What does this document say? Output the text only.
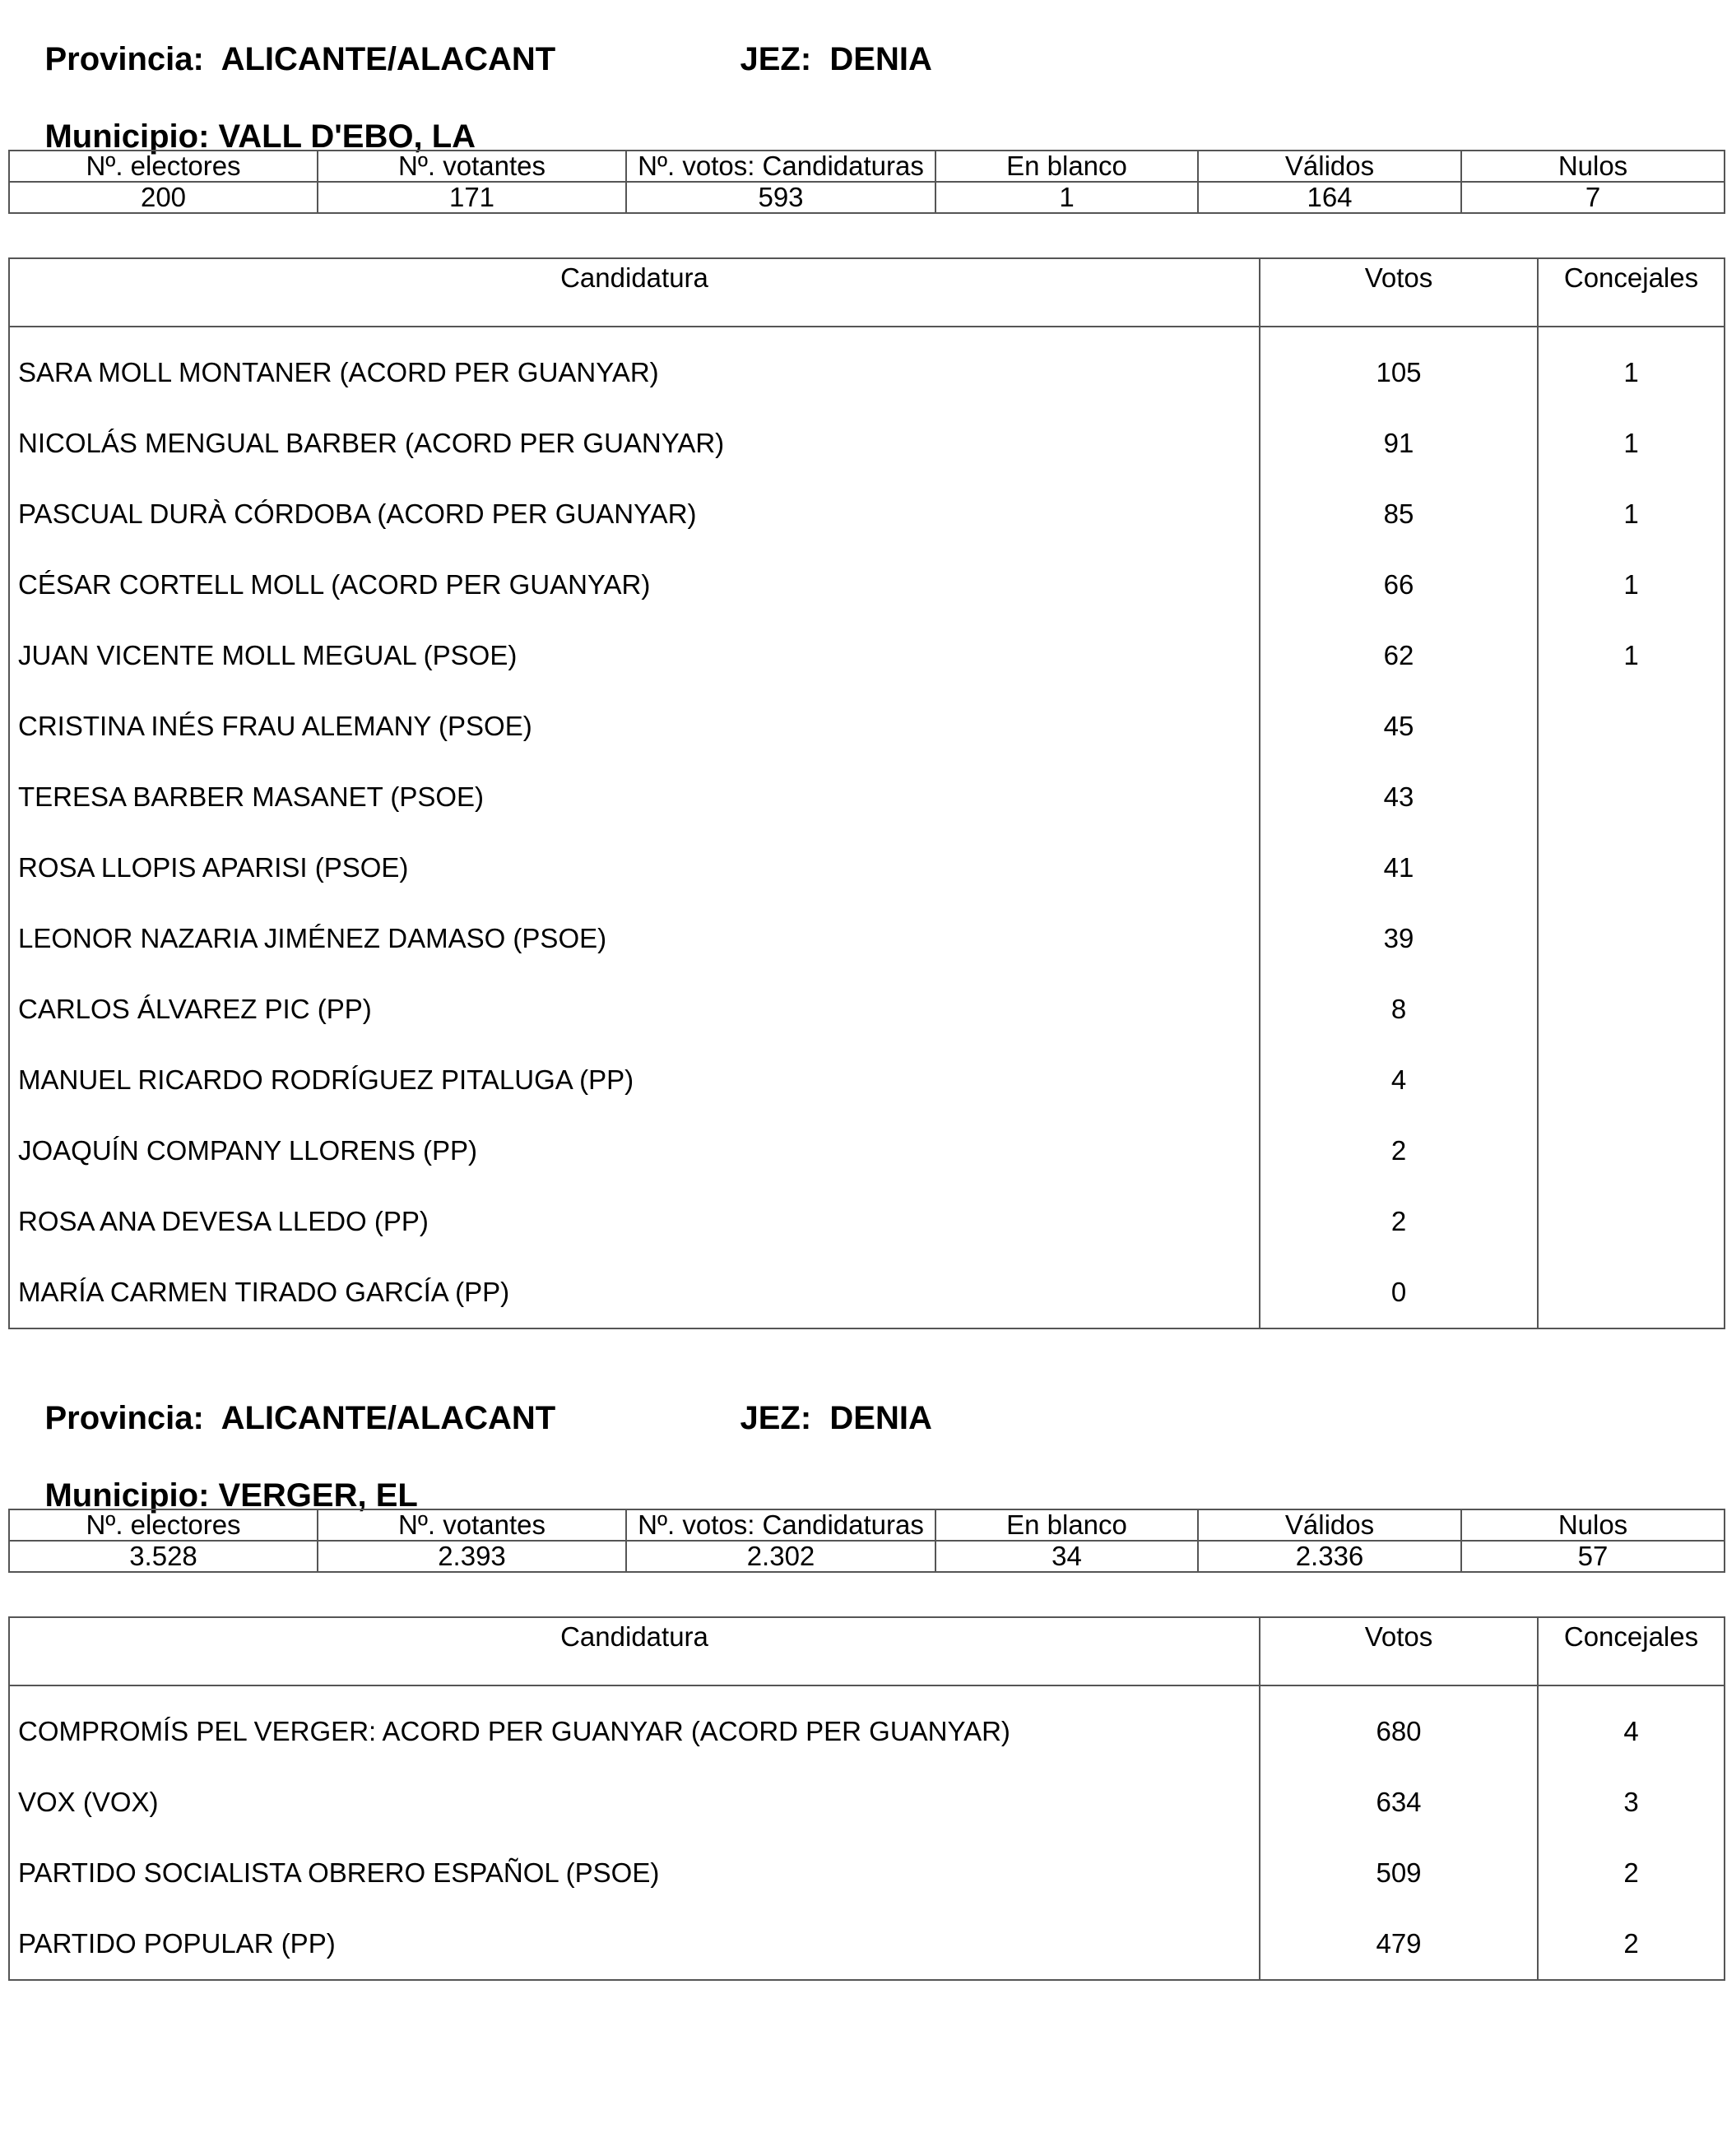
Provincia: ALICANTE/ALACANT
	JEZ: DENIA

Municipio: VALL D'EBO, LA

Nº. electores	Nº. votantes	Nº. votos: Candidaturas	En blanco	Válidos	Nulos
200	171	593	1	164	7
Candidatura	Votos	Concejales
SARA MOLL MONTANER (ACORD PER GUANYAR)	105	1
NICOLÁS MENGUAL BARBER (ACORD PER GUANYAR)	91	1
PASCUAL DURÀ CÓRDOBA (ACORD PER GUANYAR)	85	1
CÉSAR CORTELL MOLL (ACORD PER GUANYAR)	66	1
JUAN VICENTE MOLL MEGUAL (PSOE)	62	1
CRISTINA INÉS FRAU ALEMANY (PSOE)	45	
TERESA BARBER MASANET (PSOE)	43	
ROSA LLOPIS APARISI (PSOE)	41	
LEONOR NAZARIA JIMÉNEZ DAMASO (PSOE)	39	
CARLOS ÁLVAREZ PIC (PP)	8	
MANUEL RICARDO RODRÍGUEZ PITALUGA (PP)	4	
JOAQUÍN COMPANY LLORENS (PP)	2	
ROSA ANA DEVESA LLEDO (PP)	2	
MARÍA CARMEN TIRADO GARCÍA (PP)	0	

Provincia: ALICANTE/ALACANT
	JEZ: DENIA

Municipio: VERGER, EL

Nº. electores	Nº. votantes	Nº. votos: Candidaturas	En blanco	Válidos	Nulos
3.528	2.393	2.302	34	2.336	57
Candidatura	Votos	Concejales
COMPROMÍS PEL VERGER: ACORD PER GUANYAR (ACORD PER GUANYAR)	680	4
VOX (VOX)	634	3
PARTIDO SOCIALISTA OBRERO ESPAÑOL (PSOE)	509	2
PARTIDO POPULAR (PP)	479	2
